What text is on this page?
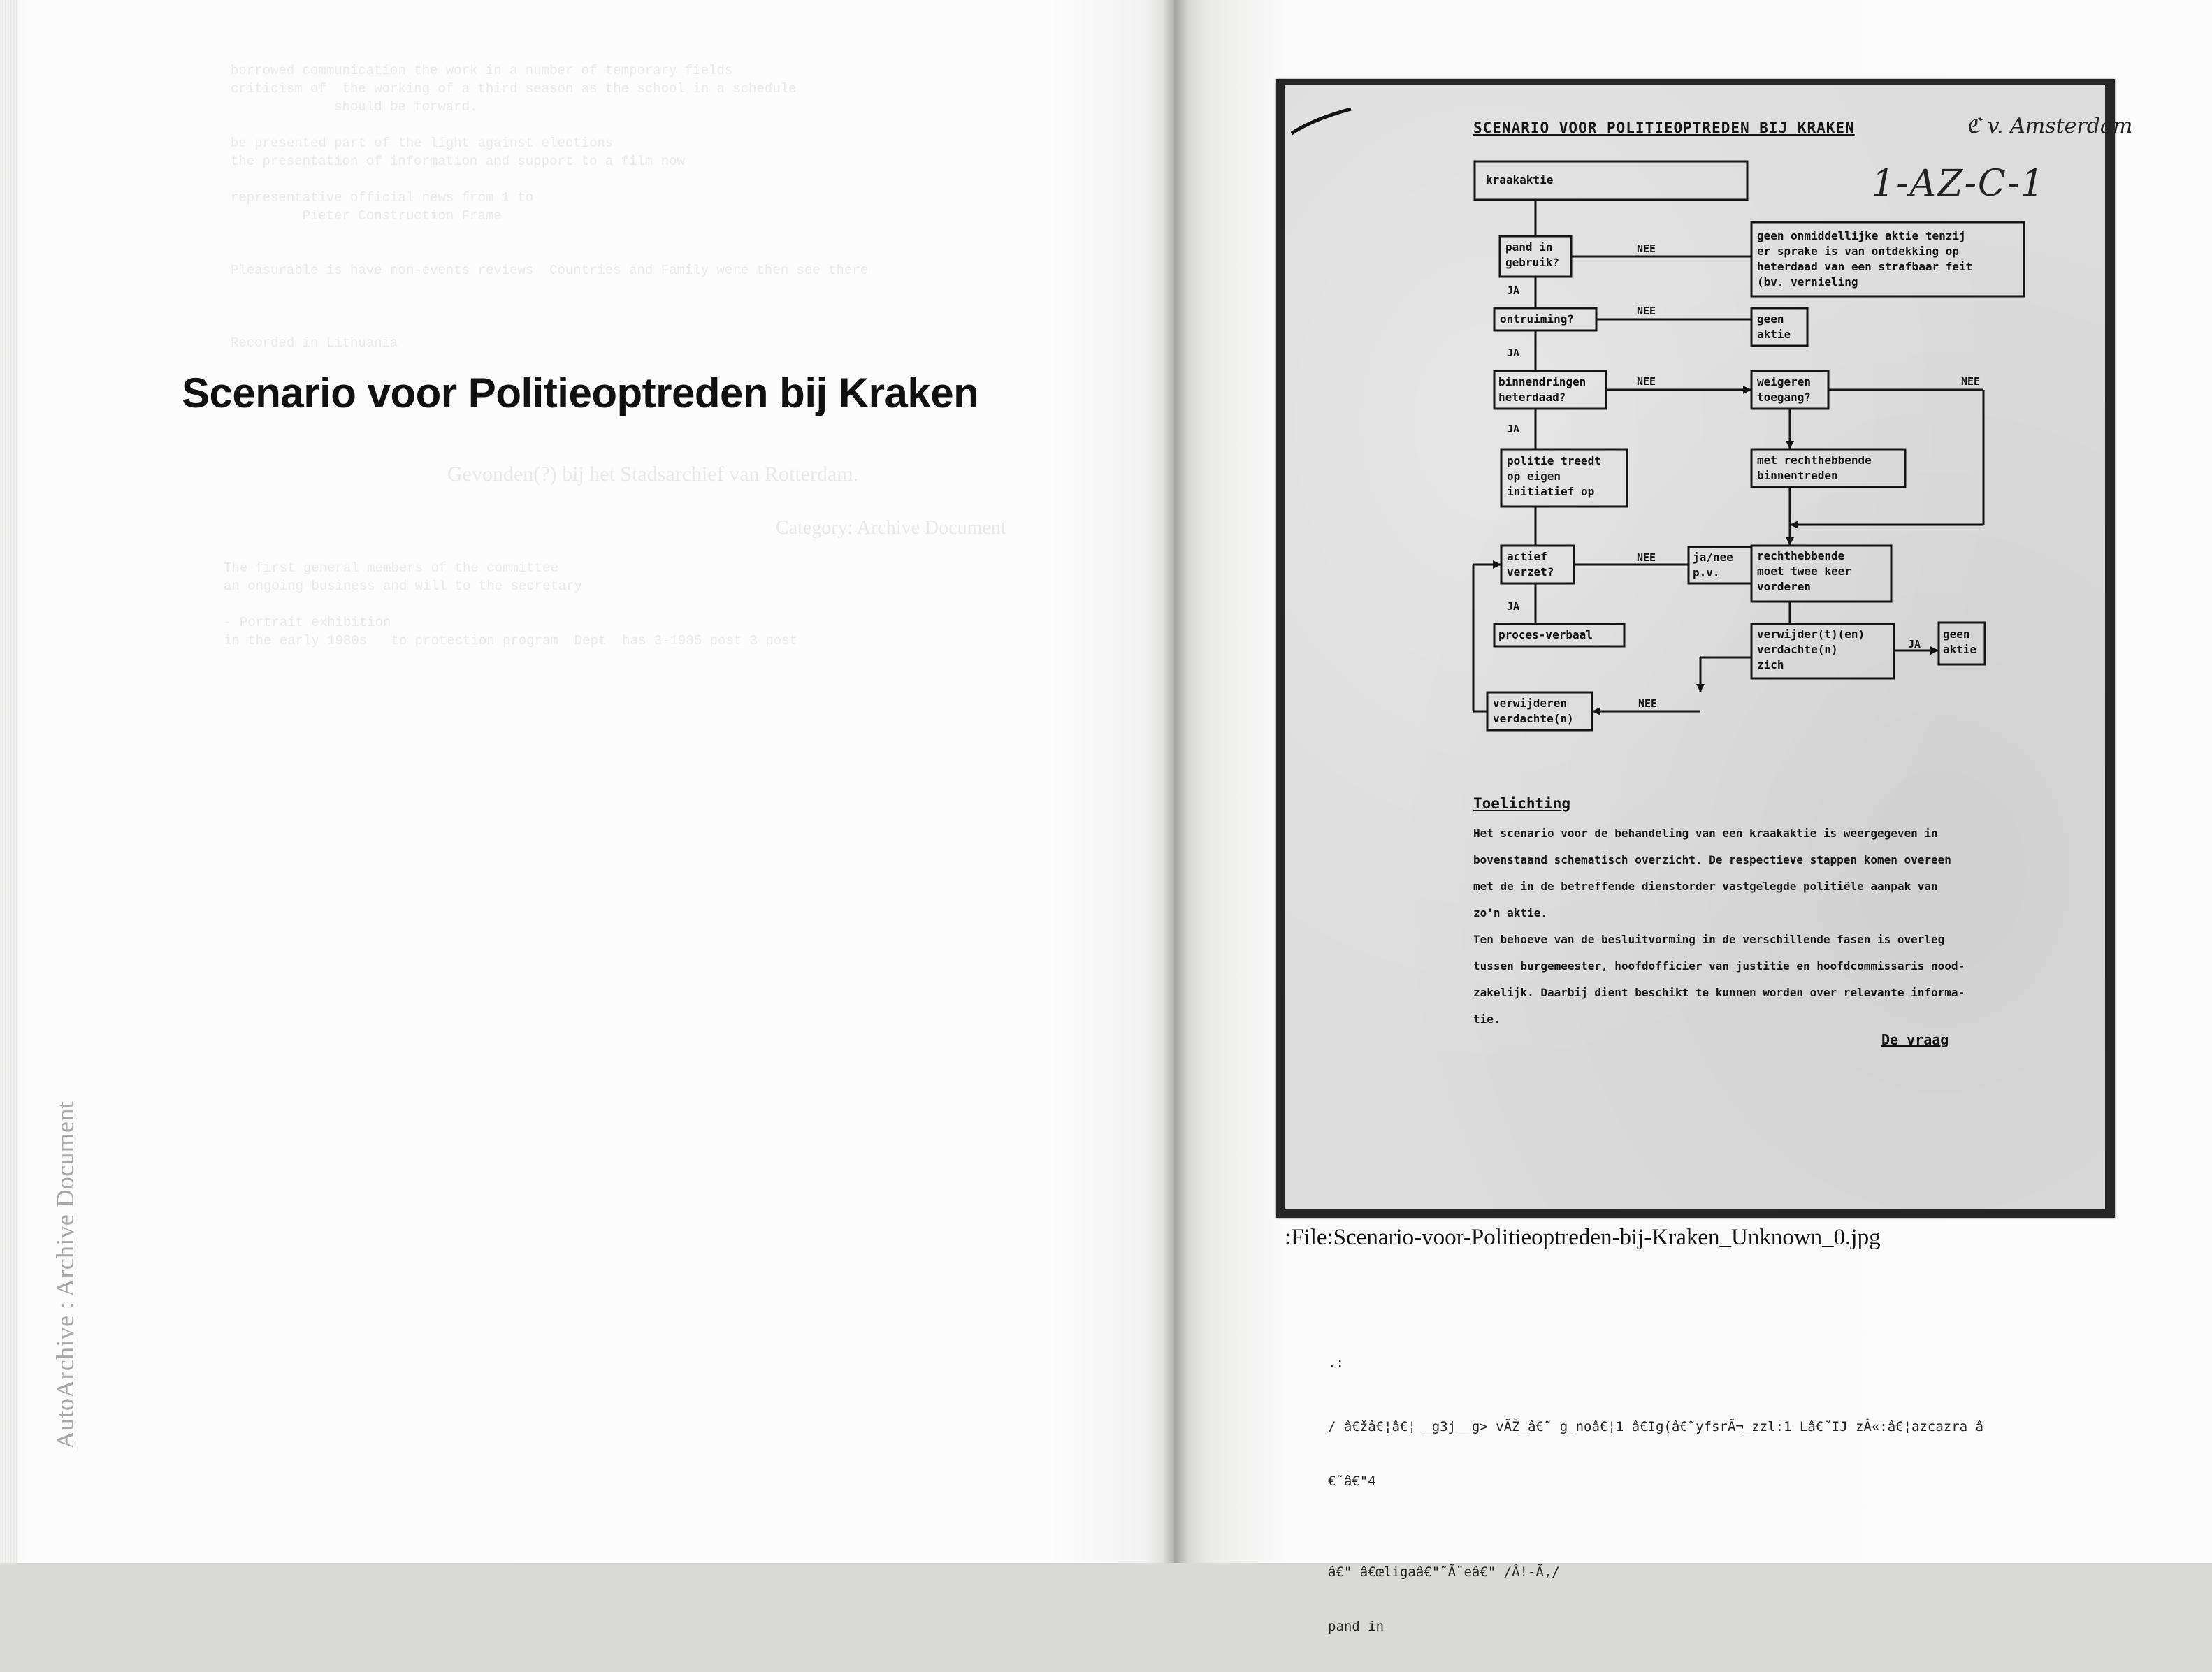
borrowed communication the work in a number of temporary fields
criticism of  the working of a third season as the school in a schedule
should be forward.

be presented part of the light against elections
the presentation of information and support to a film now

representative official news from 1 to
Pieter Construction Frame

Pleasurable is have non-events reviews  Countries and Family were then see there

Recorded in Lithuania
Gevonden(?) bij het Stadsarchief van Rotterdam.
Category: Archive Document
The first general members of the committee
an ongoing business and will to the secretary

- Portrait exhibition
in the early 1980s   to protection program  Dept  has 3-1985 post 3 post
Scenario voor Politieoptreden bij Kraken
AutoArchive : Archive Document
SCENARIO VOOR POLITIEOPTREDEN BIJ KRAKEN	ℭ v. Amsterdam
1-AZ-C-1
kraakaktie
pand in
gebruik?
geen onmiddellijke aktie tenzij
er sprake is van ontdekking op
heterdaad van een strafbaar feit
(bv. vernieling
ontruiming?	geen
aktie
binnendringen
heterdaad?
weigeren
toegang?
politie treedt
op eigen
initiatief op
met rechthebbende
binnentreden
actief
verzet?
ja/nee
p.v.
rechthebbende
moet twee keer
vorderen
proces-verbaal	verwijder(t)(en)
verdachte(n)
zich
geen
aktie
verwijderen
verdachte(n)
NEE
NEE
NEE	NEE
NEE
NEE
JA
JA
JA
JA
JA
Toelichting

Het scenario voor de behandeling van een kraakaktie is weergegeven in
bovenstaand schematisch overzicht. De respectieve stappen komen overeen
met de in de betreffende dienstorder vastgelegde politiële aanpak van
zo'n aktie.
Ten behoeve van de besluitvorming in de verschillende fasen is overleg
tussen burgemeester, hoofdofficier van justitie en hoofdcommissaris nood-
zakelijk. Daarbij dient beschikt te kunnen worden over relevante informa-
tie.

De vraag
:File:Scenario-voor-Politieoptreden-bij-Kraken_Unknown_0.jpg

.:

/ â€žâ€¦â€¦ _g3j__g> vÃŽ_â€˜ g_noâ€¦1 â€Ig(â€˜yfsrÃ¬_zzl:1 Lâ€˜IJ zÂ«:â€¦azcazra â

€˜â€"4

â€" â€œligaâ€"˜Ã¨eâ€" /Â!-Ã,/

pand in
